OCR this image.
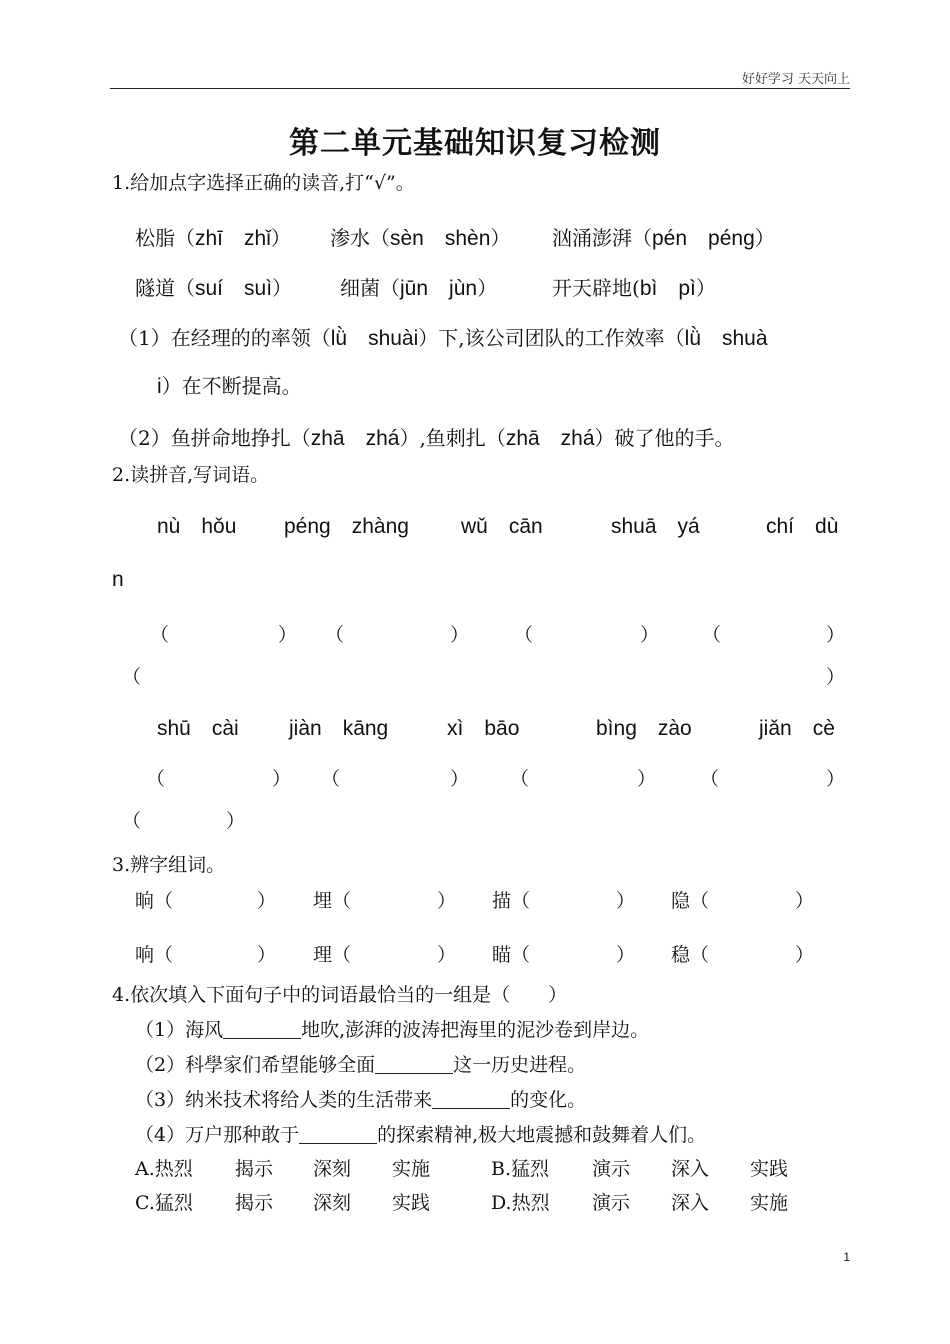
好好学习 天天向上
第二单元基础知识复习检测
1.给加点字选择正确的读音,打“√”。
松脂（zhī　zhǐ） 渗水（sèn　shèn） 汹涌澎湃（pén　péng）
隧道（suí　suì） 细菌（jūn　jùn）	开天辟地(bì　pì）
（1）在经理的的率领（lǜ　shuài）下,该公司团队的工作效率（lǜ　shuà
i）在不断提高。
（2）鱼拼命地挣扎（zhā　zhá）,鱼刺扎（zhā　zhá）破了他的手。
2.读拼音,写词语。
nù　hǒu péng　zhàng wǔ　cān	shuā　yá	chí　dù
n
（	） （	） （	） （	）
（	）
shū　cài jiàn　kāng	xì　bāo	bìng　zào	jiǎn　cè
（	） （	） （	） （	）
（	）
3.辨字组词。
晌（	） 埋（	） 描（	） 隐（	）
响（	） 理（	） 瞄（	） 稳（	）
4.依次填入下面句子中的词语最恰当的一组是（　　）
（1）海风	地吹,澎湃的波涛把海里的泥沙卷到岸边。
（2）科學家们希望能够全面	这一历史进程。
（3）纳米技术将给人类的生活带来	的变化。
（4）万户那种敢于	的探索精神,极大地震撼和鼓舞着人们。
A.热烈 揭示 深刻 实施	B.猛烈 演示 深入 实践
C.猛烈 揭示 深刻 实践	D.热烈 演示 深入 实施
1
